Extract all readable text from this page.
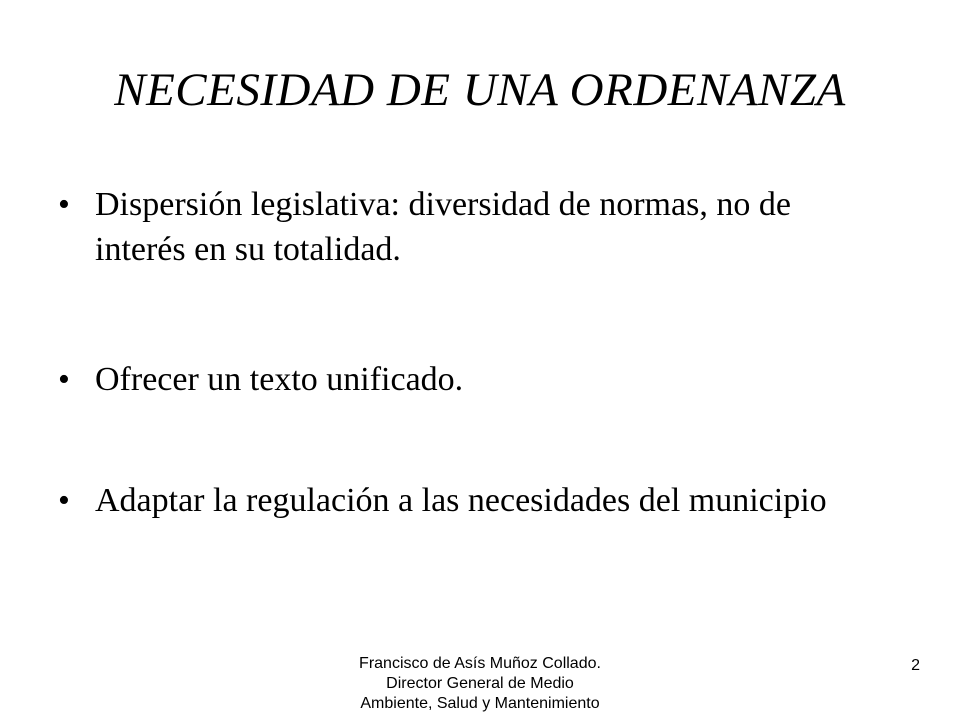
NECESIDAD DE UNA ORDENANZA
• Dispersión legislativa: diversidad de normas, no de interés en su totalidad.
• Ofrecer un texto unificado.
• Adaptar la regulación a las necesidades del municipio
Francisco de Asís Muñoz Collado.
Director General de Medio
Ambiente, Salud y Mantenimiento
2
